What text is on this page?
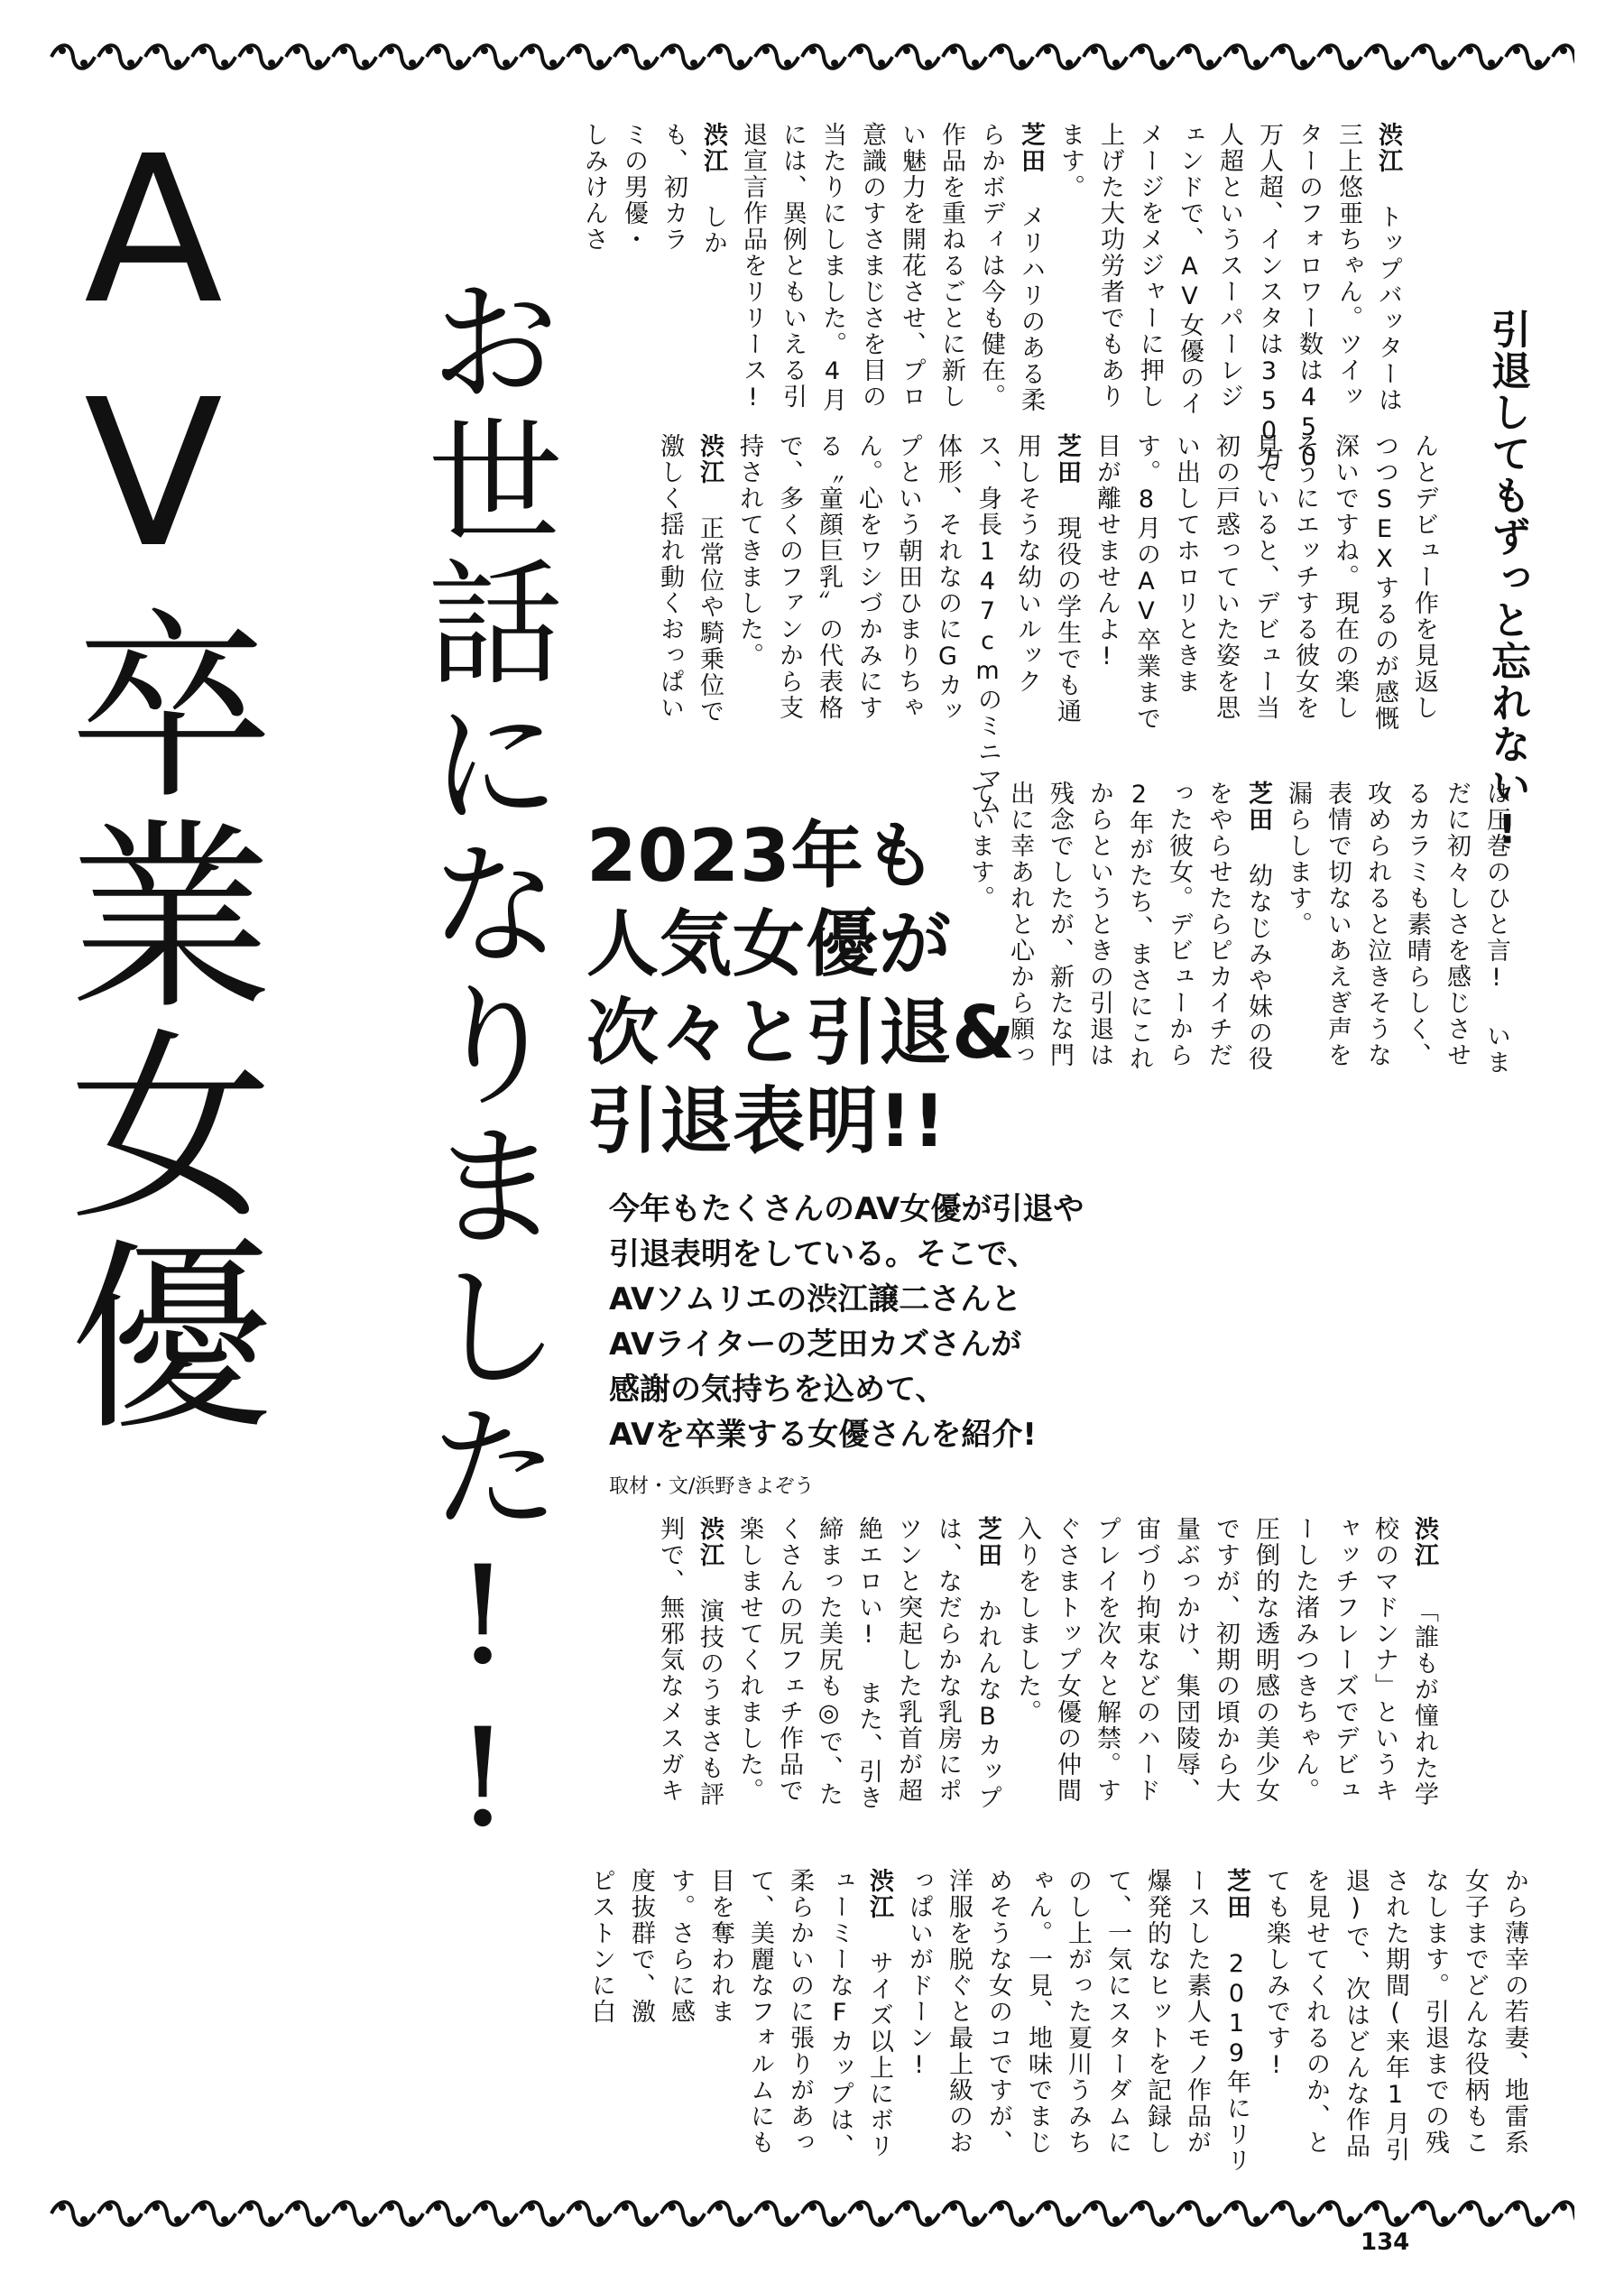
引退してもずっと忘れない!

AV卒業女優 お世話になりました!!
渋江 トップバッターは
三上悠亜ちゃん。ツイッ
ターのフォロワー数は450
万人超、インスタは350万
人超というスーパーレジ
ェンドで、AV女優のイ
メージをメジャーに押し
上げた大功労者でもあり
ます。
芝田 メリハリのある柔
らかボディは今も健在。
作品を重ねるごとに新し
い魅力を開花させ、プロ
意識のすさまじさを目の
当たりにしました。4月
には、異例ともいえる引
退宣言作品をリリース!
渋江 しか
も、初カラ
ミの男優・
しみけんさ
んとデビュー作を見返し
つつSEXするのが感慨
深いですね。現在の楽し
そうにエッチする彼女を
見ていると、デビュー当
初の戸惑っていた姿を思
い出してホロリときま
す。8月のAV卒業まで
目が離せませんよ!
芝田 現役の学生でも通
用しそうな幼いルック
ス、身長147cmのミニマム
体形、それなのにGカッ
プという朝田ひまりちゃ
ん。心をワシづかみにす
る〝童顔巨乳〟の代表格
で、多くのファンから支
持されてきました。
渋江 正常位や騎乗位で
激しく揺れ動くおっぱい
は圧巻のひと言! いま
だに初々しさを感じさせ
るカラミも素晴らしく、
攻められると泣きそうな
表情で切ないあえぎ声を
漏らします。
芝田 幼なじみや妹の役
をやらせたらピカイチだ
った彼女。デビューから
2年がたち、まさにこれ
からというときの引退は
残念でしたが、新たな門
出に幸あれと心から願っ
ています。
2023年も
人気女優が
次々と引退&
引退表明!!
今年もたくさんのAV女優が引退や
引退表明をしている。そこで、
AVソムリエの渋江譲二さんと
AVライターの芝田カズさんが
感謝の気持ちを込めて、
AVを卒業する女優さんを紹介!
取材・文/浜野きよぞう
渋江 「誰もが憧れた学
校のマドンナ」というキ
ャッチフレーズでデビュ
ーした渚みつきちゃん。
圧倒的な透明感の美少女
ですが、初期の頃から大
量ぶっかけ、集団陵辱、
宙づり拘束などのハード
プレイを次々と解禁。す
ぐさまトップ女優の仲間
入りをしました。
芝田 かれんなBカップ
は、なだらかな乳房にポ
ツンと突起した乳首が超
絶エロい! また、引き
締まった美尻も◎で、た
くさんの尻フェチ作品で
楽しませてくれました。
渋江 演技のうまさも評
判で、無邪気なメスガキ
から薄幸の若妻、地雷系
女子までどんな役柄もこ
なします。引退までの残
された期間(来年1月引
退)で、次はどんな作品
を見せてくれるのか、と
ても楽しみです!
芝田 2019年にリリ
ースした素人モノ作品が
爆発的なヒットを記録し
て、一気にスターダムに
のし上がった夏川うみち
ゃん。一見、地味でまじ
めそうな女のコですが、
洋服を脱ぐと最上級のお
っぱいがドーン!
渋江 サイズ以上にボリ
ューミーなFカップは、
柔らかいのに張りがあっ
て、美麗なフォルムにも
目を奪われま
す。さらに感
度抜群で、激
ピストンに白
134
